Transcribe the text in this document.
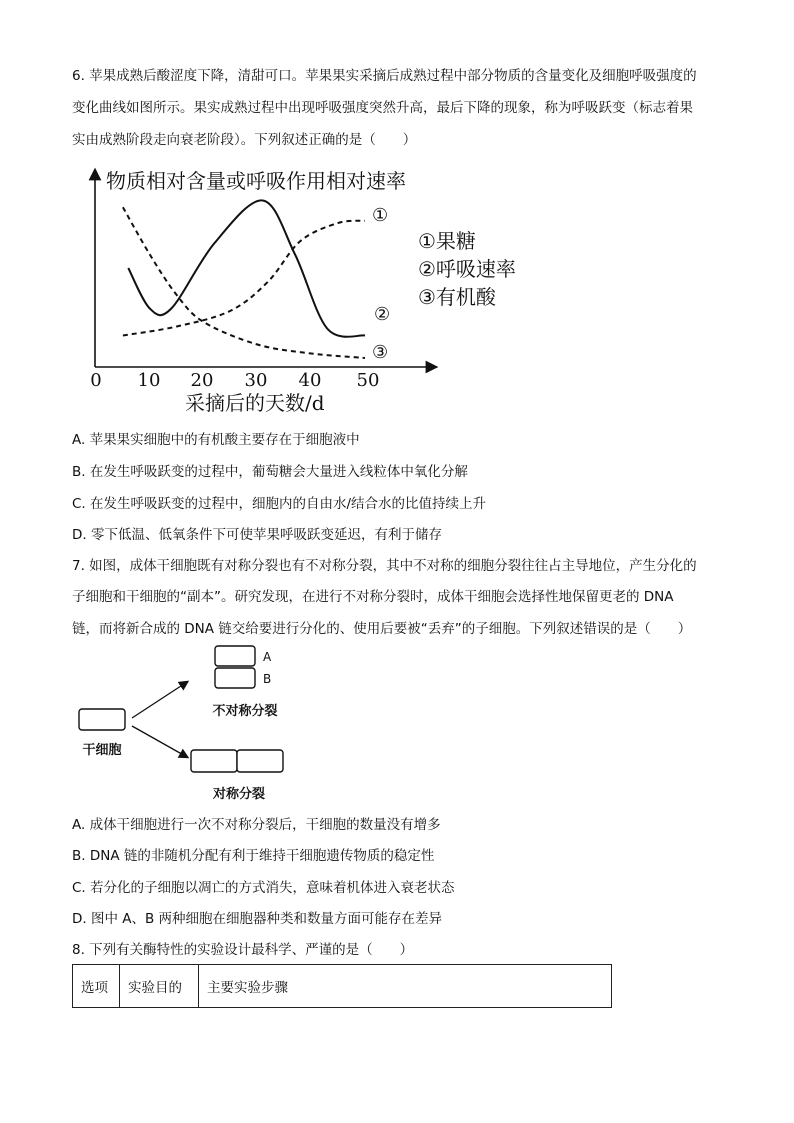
6. 苹果成熟后酸涩度下降，清甜可口。苹果果实采摘后成熟过程中部分物质的含量变化及细胞呼吸强度的
变化曲线如图所示。果实成熟过程中出现呼吸强度突然升高，最后下降的现象，称为呼吸跃变（标志着果
实由成熟阶段走向衰老阶段）。下列叙述正确的是（　　）
物质相对含量或呼吸作用相对速率
0 10 20 30 40 50
采摘后的天数/d
①
②
③
①果糖
②呼吸速率
③有机酸
A. 苹果果实细胞中的有机酸主要存在于细胞液中
B. 在发生呼吸跃变的过程中，葡萄糖会大量进入线粒体中氧化分解
C. 在发生呼吸跃变的过程中，细胞内的自由水/结合水的比值持续上升
D. 零下低温、低氧条件下可使苹果呼吸跃变延迟，有利于储存
7. 如图，成体干细胞既有对称分裂也有不对称分裂，其中不对称的细胞分裂往往占主导地位，产生分化的
子细胞和干细胞的“副本”。研究发现，在进行不对称分裂时，成体干细胞会选择性地保留更老的 DNA
链，而将新合成的 DNA 链交给要进行分化的、使用后要被“丢弃”的子细胞。下列叙述错误的是（　　）
干细胞
A
B
不对称分裂
对称分裂
A. 成体干细胞进行一次不对称分裂后，干细胞的数量没有增多
B. DNA 链的非随机分配有利于维持干细胞遗传物质的稳定性
C. 若分化的子细胞以凋亡的方式消失，意味着机体进入衰老状态
D. 图中 A、B 两种细胞在细胞器种类和数量方面可能存在差异
8. 下列有关酶特性的实验设计最科学、严谨的是（　　）
选项	实验目的	主要实验步骤
